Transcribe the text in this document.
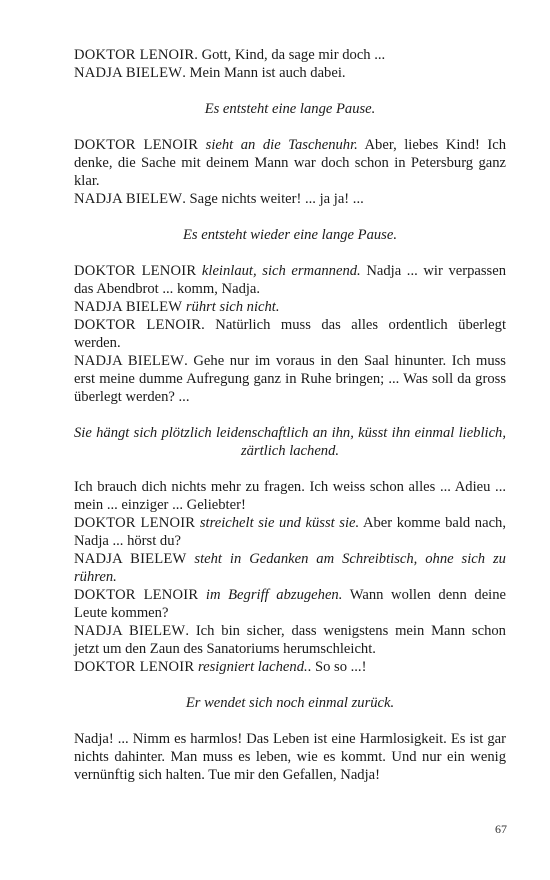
DOKTOR LENOIR. Gott, Kind, da sage mir doch ...

NADJA BIELEW. Mein Mann ist auch dabei.

Es entsteht eine lange Pause.

DOKTOR LENOIR sieht an die Taschenuhr. Aber, liebes Kind! Ich denke, die Sache mit deinem Mann war doch schon in Petersburg ganz klar.

NADJA BIELEW. Sage nichts weiter! ... ja ja! ...

Es entsteht wieder eine lange Pause.

DOKTOR LENOIR kleinlaut, sich ermannend. Nadja ... wir verpassen das Abendbrot ... komm, Nadja.

NADJA BIELEW rührt sich nicht.

DOKTOR LENOIR. Natürlich muss das alles ordentlich überlegt werden.

NADJA BIELEW. Gehe nur im voraus in den Saal hinunter. Ich muss erst meine dumme Aufregung ganz in Ruhe bringen; ... Was soll da gross überlegt werden? ...

Sie hängt sich plötzlich leidenschaftlich an ihn, küsst ihn einmal lieblich, zärtlich lachend.

Ich brauch dich nichts mehr zu fragen. Ich weiss schon alles ... Adieu ... mein ... einziger ... Geliebter!

DOKTOR LENOIR streichelt sie und küsst sie. Aber komme bald nach, Nadja ... hörst du?

NADJA BIELEW steht in Gedanken am Schreibtisch, ohne sich zu rühren.

DOKTOR LENOIR im Begriff abzugehen. Wann wollen denn deine Leute kommen?

NADJA BIELEW. Ich bin sicher, dass wenigstens mein Mann schon jetzt um den Zaun des Sanatoriums herumschleicht.

DOKTOR LENOIR resigniert lachend.. So so ...!

Er wendet sich noch einmal zurück.

Nadja! ... Nimm es harmlos! Das Leben ist eine Harmlosigkeit. Es ist gar nichts dahinter. Man muss es leben, wie es kommt. Und nur ein wenig vernünftig sich halten. Tue mir den Gefallen, Nadja!

67
